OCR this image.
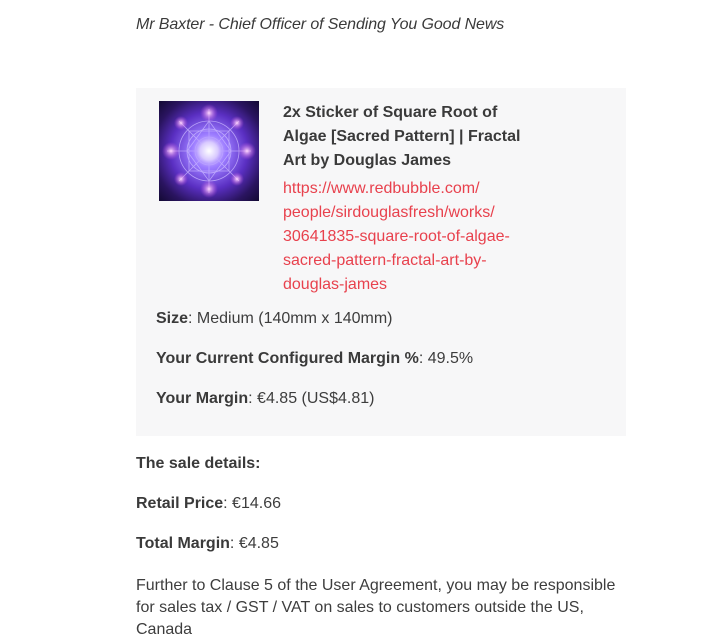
Mr Baxter - Chief Officer of Sending You Good News
2x Sticker of Square Root of Algae [Sacred Pattern] | Fractal Art by Douglas James
https://www.redbubble.com/
people/sirdouglasfresh/works/
30641835-square-root-of-algae-
sacred-pattern-fractal-art-by-
douglas-james
Size: Medium (140mm x 140mm)
Your Current Configured Margin %: 49.5%
Your Margin: €4.85 (US$4.81)
The sale details:
Retail Price: €14.66
Total Margin: €4.85
Further to Clause 5 of the User Agreement, you may be responsible for sales tax / GST / VAT on sales to customers outside the US, Canada
